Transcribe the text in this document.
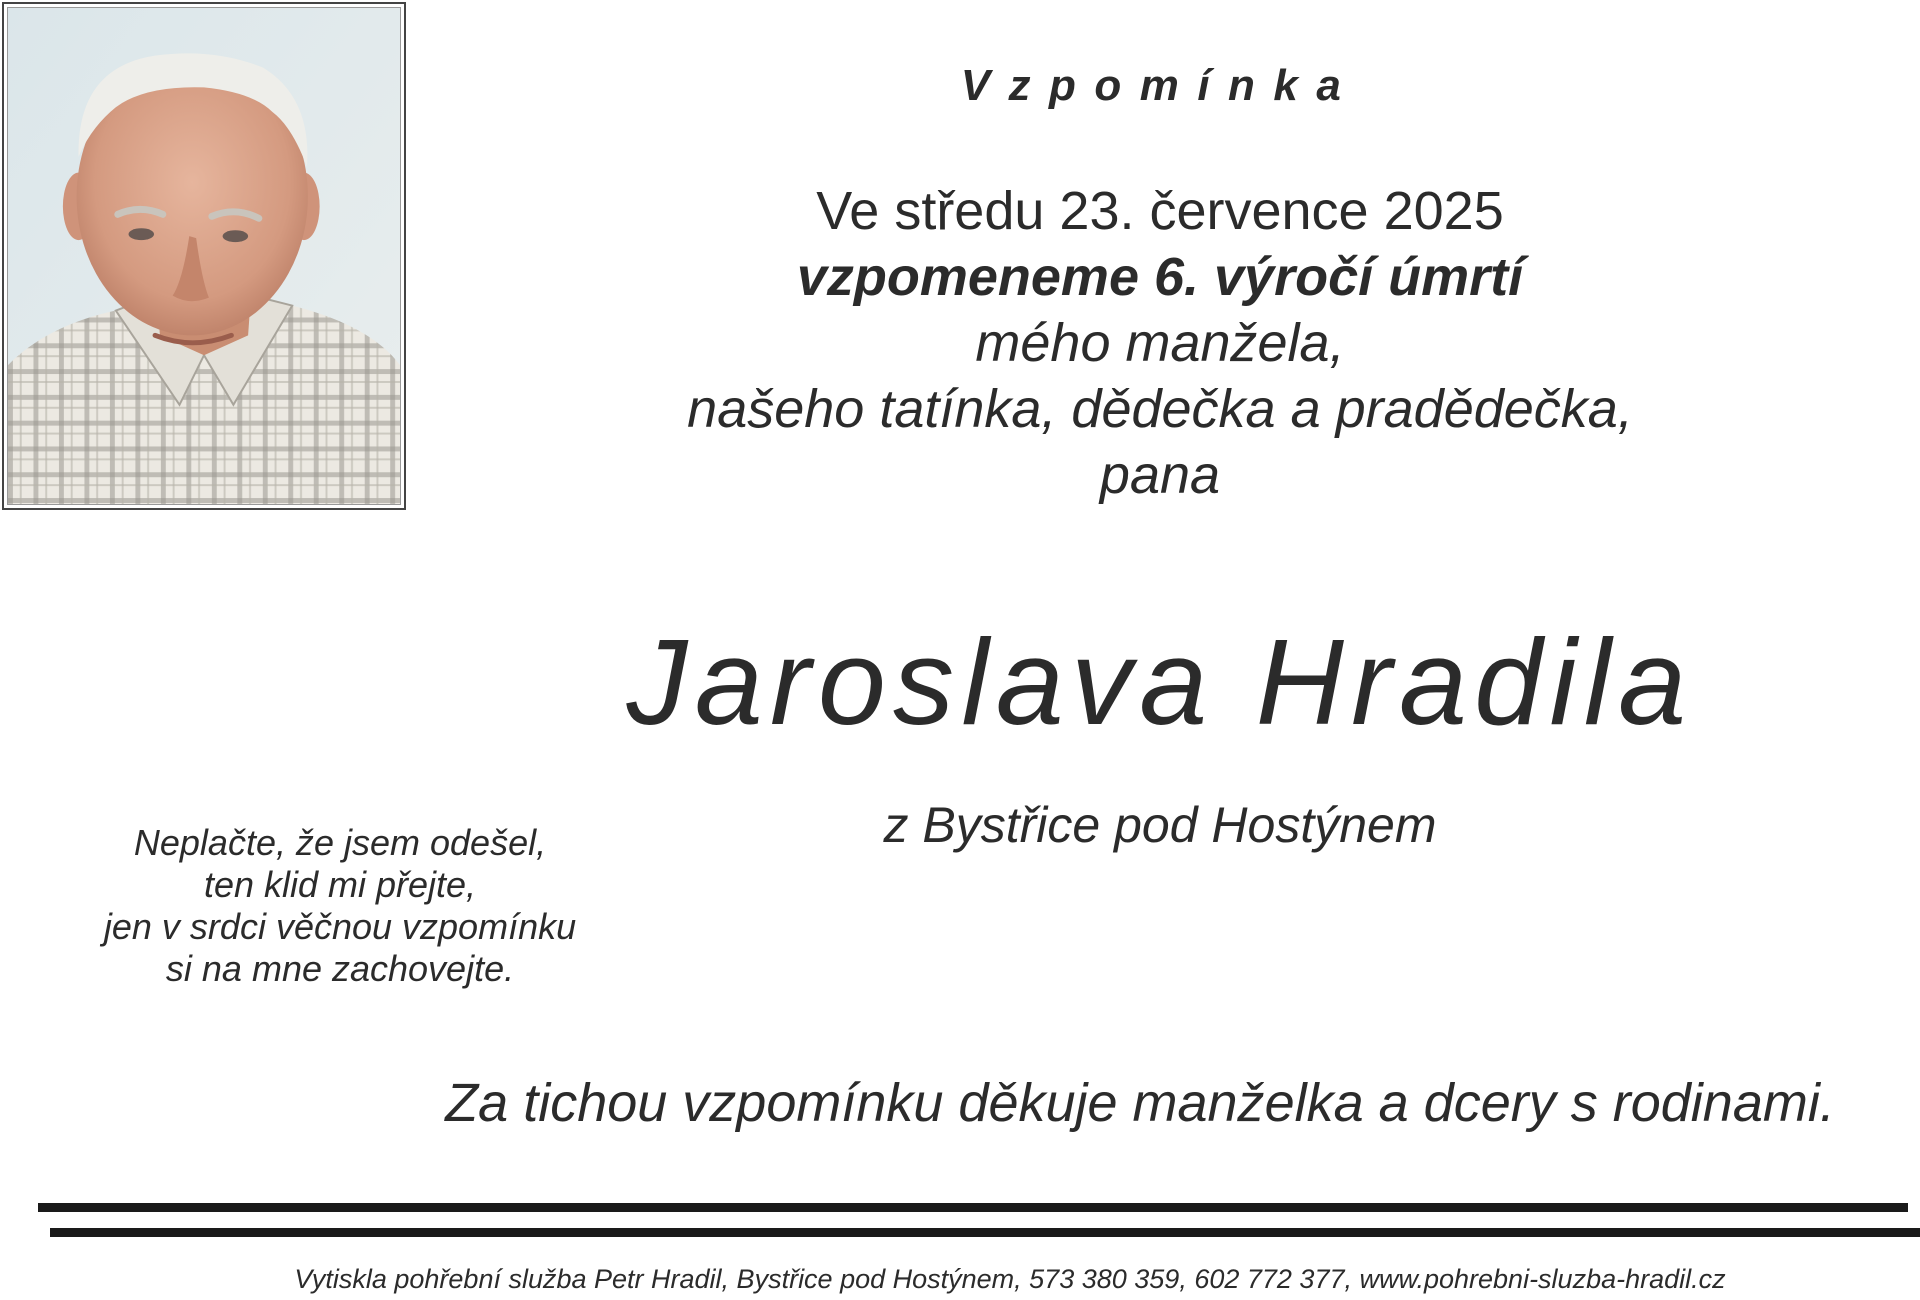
Vzpomínka
Ve středu 23. července 2025
vzpomeneme 6. výročí úmrtí
mého manžela,
našeho tatínka, dědečka a pradědečka,
pana
Jaroslava Hradila
z Bystřice pod Hostýnem
Neplačte, že jsem odešel,
ten klid mi přejte,
jen v srdci věčnou vzpomínku
si na mne zachovejte.
Za tichou vzpomínku děkuje manželka a dcery s rodinami.
Vytiskla pohřební služba Petr Hradil, Bystřice pod Hostýnem, 573 380 359, 602 772 377, www.pohrebni-sluzba-hradil.cz
